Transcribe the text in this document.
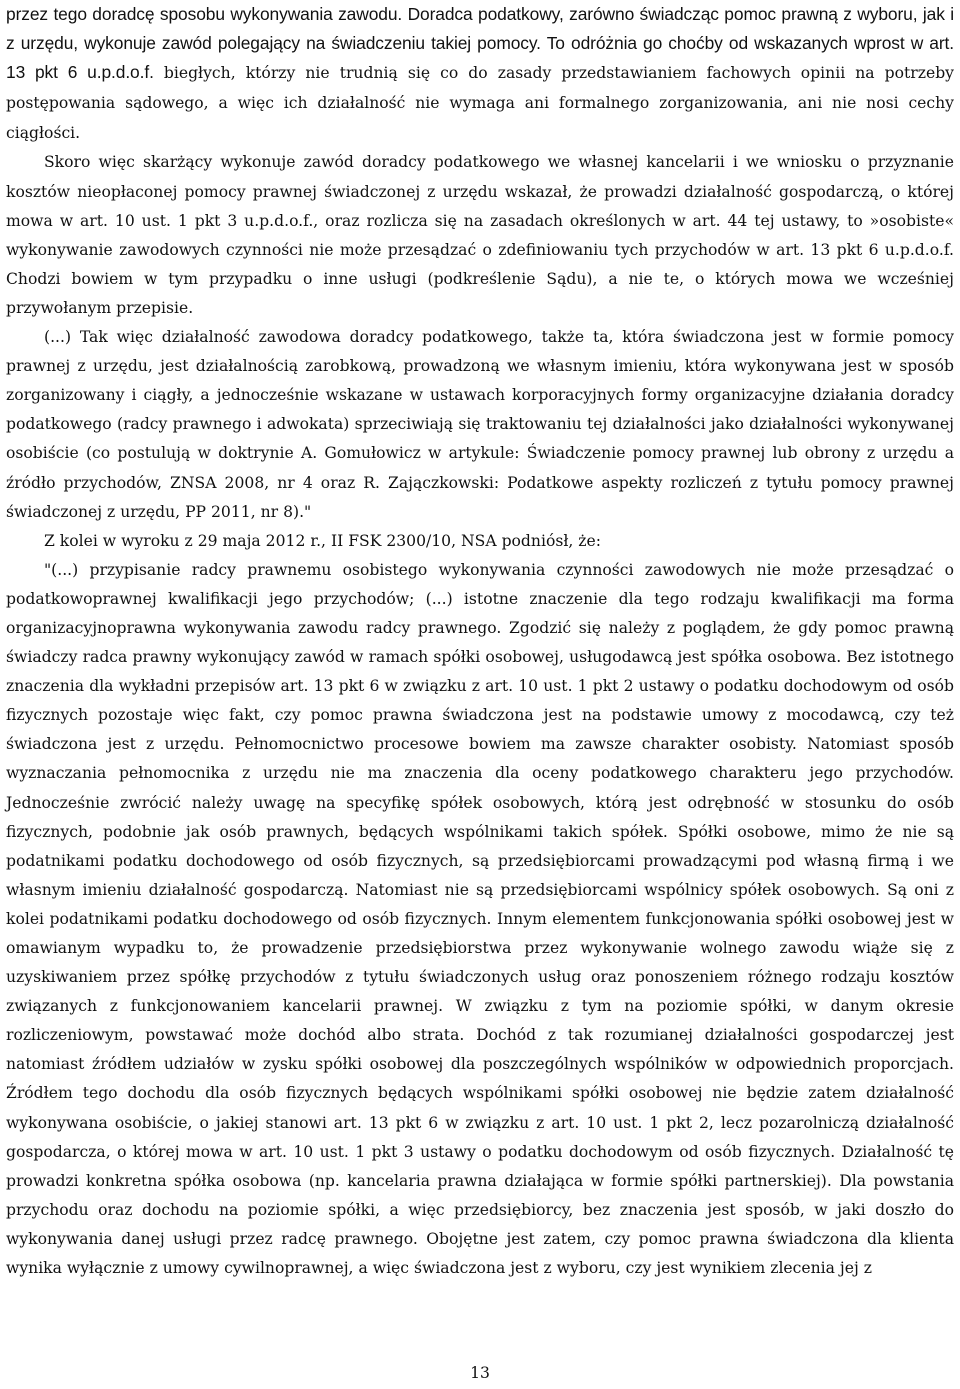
przez tego doradcę sposobu wykonywania zawodu. Doradca podatkowy, zarówno świadcząc pomoc prawną z wyboru, jak i z urzędu, wykonuje zawód polegający na świadczeniu takiej pomocy. To odróżnia go choćby od wskazanych wprost w art. 13 pkt 6 u.p.d.o.f. biegłych, którzy nie trudnią się co do zasady przedstawianiem fachowych opinii na potrzeby postępowania sądowego, a więc ich działalność nie wymaga ani formalnego zorganizowania, ani nie nosi cechy ciągłości.

Skoro więc skarżący wykonuje zawód doradcy podatkowego we własnej kancelarii i we wniosku o przyznanie kosztów nieopłaconej pomocy prawnej świadczonej z urzędu wskazał, że prowadzi działalność gospodarczą, o której mowa w art. 10 ust. 1 pkt 3 u.p.d.o.f., oraz rozlicza się na zasadach określonych w art. 44 tej ustawy, to »osobiste« wykonywanie zawodowych czynności nie może przesądzać o zdefiniowaniu tych przychodów w art. 13 pkt 6 u.p.d.o.f. Chodzi bowiem w tym przypadku o inne usługi (podkreślenie Sądu), a nie te, o których mowa we wcześniej przywołanym przepisie.

(...) Tak więc działalność zawodowa doradcy podatkowego, także ta, która świadczona jest w formie pomocy prawnej z urzędu, jest działalnością zarobkową, prowadzoną we własnym imieniu, która wykonywana jest w sposób zorganizowany i ciągły, a jednocześnie wskazane w ustawach korporacyjnych formy organizacyjne działania doradcy podatkowego (radcy prawnego i adwokata) sprzeciwiają się traktowaniu tej działalności jako działalności wykonywanej osobiście (co postulują w doktrynie A. Gomułowicz w artykule: Świadczenie pomocy prawnej lub obrony z urzędu a źródło przychodów, ZNSA 2008, nr 4 oraz R. Zajączkowski: Podatkowe aspekty rozliczeń z tytułu pomocy prawnej świadczonej z urzędu, PP 2011, nr 8)."

Z kolei w wyroku z 29 maja 2012 r., II FSK 2300/10, NSA podniósł, że:

"(...) przypisanie radcy prawnemu osobistego wykonywania czynności zawodowych nie może przesądzać o podatkowoprawnej kwalifikacji jego przychodów; (...) istotne znaczenie dla tego rodzaju kwalifikacji ma forma organizacyjnoprawna wykonywania zawodu radcy prawnego. Zgodzić się należy z poglądem, że gdy pomoc prawną świadczy radca prawny wykonujący zawód w ramach spółki osobowej, usługodawcą jest spółka osobowa. Bez istotnego znaczenia dla wykładni przepisów art. 13 pkt 6 w związku z art. 10 ust. 1 pkt 2 ustawy o podatku dochodowym od osób fizycznych pozostaje więc fakt, czy pomoc prawna świadczona jest na podstawie umowy z mocodawcą, czy też świadczona jest z urzędu. Pełnomocnictwo procesowe bowiem ma zawsze charakter osobisty. Natomiast sposób wyznaczania pełnomocnika z urzędu nie ma znaczenia dla oceny podatkowego charakteru jego przychodów. Jednocześnie zwrócić należy uwagę na specyfikę spółek osobowych, którą jest odrębność w stosunku do osób fizycznych, podobnie jak osób prawnych, będących wspólnikami takich spółek. Spółki osobowe, mimo że nie są podatnikami podatku dochodowego od osób fizycznych, są przedsiębiorcami prowadzącymi pod własną firmą i we własnym imieniu działalność gospodarczą. Natomiast nie są przedsiębiorcami wspólnicy spółek osobowych. Są oni z kolei podatnikami podatku dochodowego od osób fizycznych. Innym elementem funkcjonowania spółki osobowej jest w omawianym wypadku to, że prowadzenie przedsiębiorstwa przez wykonywanie wolnego zawodu wiąże się z uzyskiwaniem przez spółkę przychodów z tytułu świadczonych usług oraz ponoszeniem różnego rodzaju kosztów związanych z funkcjonowaniem kancelarii prawnej. W związku z tym na poziomie spółki, w danym okresie rozliczeniowym, powstawać może dochód albo strata. Dochód z tak rozumianej działalności gospodarczej jest natomiast źródłem udziałów w zysku spółki osobowej dla poszczególnych wspólników w odpowiednich proporcjach. Źródłem tego dochodu dla osób fizycznych będących wspólnikami spółki osobowej nie będzie zatem działalność wykonywana osobiście, o jakiej stanowi art. 13 pkt 6 w związku z art. 10 ust. 1 pkt 2, lecz pozarolniczą działalność gospodarcza, o której mowa w art. 10 ust. 1 pkt 3 ustawy o podatku dochodowym od osób fizycznych. Działalność tę prowadzi konkretna spółka osobowa (np. kancelaria prawna działająca w formie spółki partnerskiej). Dla powstania przychodu oraz dochodu na poziomie spółki, a więc przedsiębiorcy, bez znaczenia jest sposób, w jaki doszło do wykonywania danej usługi przez radcę prawnego. Obojętne jest zatem, czy pomoc prawna świadczona dla klienta wynika wyłącznie z umowy cywilnoprawnej, a więc świadczona jest z wyboru, czy jest wynikiem zlecenia jej z

13
